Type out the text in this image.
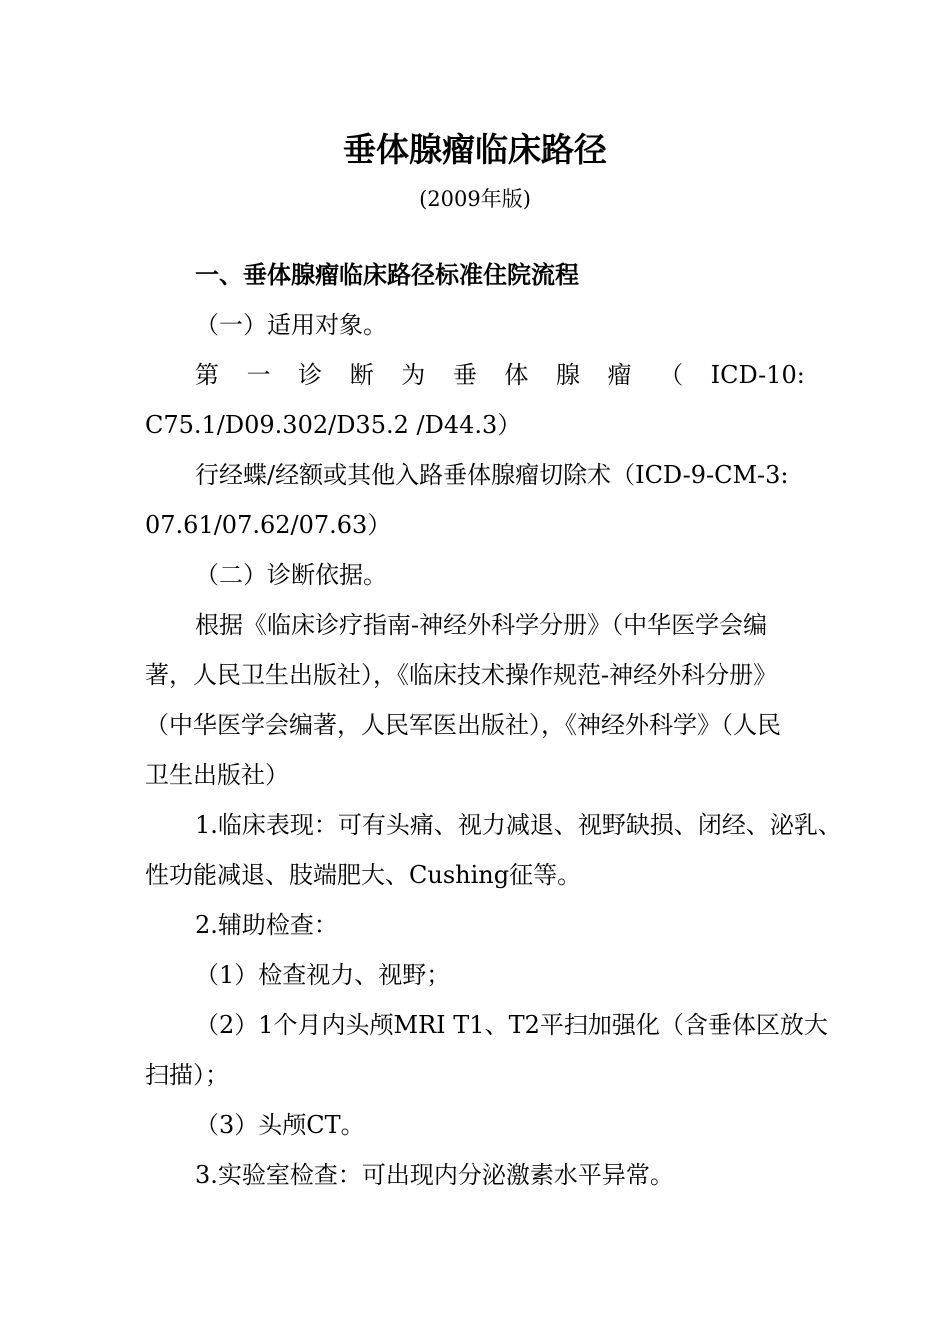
垂体腺瘤临床路径
(2009年版)

一、垂体腺瘤临床路径标准住院流程

（一）适用对象。

第 一 诊 断 为 垂 体 腺 瘤 （ ICD-10:

C75.1/D09.302/D35.2 /D44.3）

行经蝶/经额或其他入路垂体腺瘤切除术（ICD-9-CM-3:

07.61/07.62/07.63）

（二）诊断依据。

根据《临床诊疗指南-神经外科学分册》（中华医学会编

著，人民卫生出版社），《临床技术操作规范-神经外科分册》

（中华医学会编著，人民军医出版社），《神经外科学》（人民

卫生出版社）

1.临床表现：可有头痛、视力减退、视野缺损、闭经、泌乳、

性功能减退、肢端肥大、Cushing征等。

2.辅助检查：

（1）检查视力、视野；

（2）1个月内头颅MRI T1、T2平扫加强化（含垂体区放大

扫描）；

（3）头颅CT。

3.实验室检查：可出现内分泌激素水平异常。
